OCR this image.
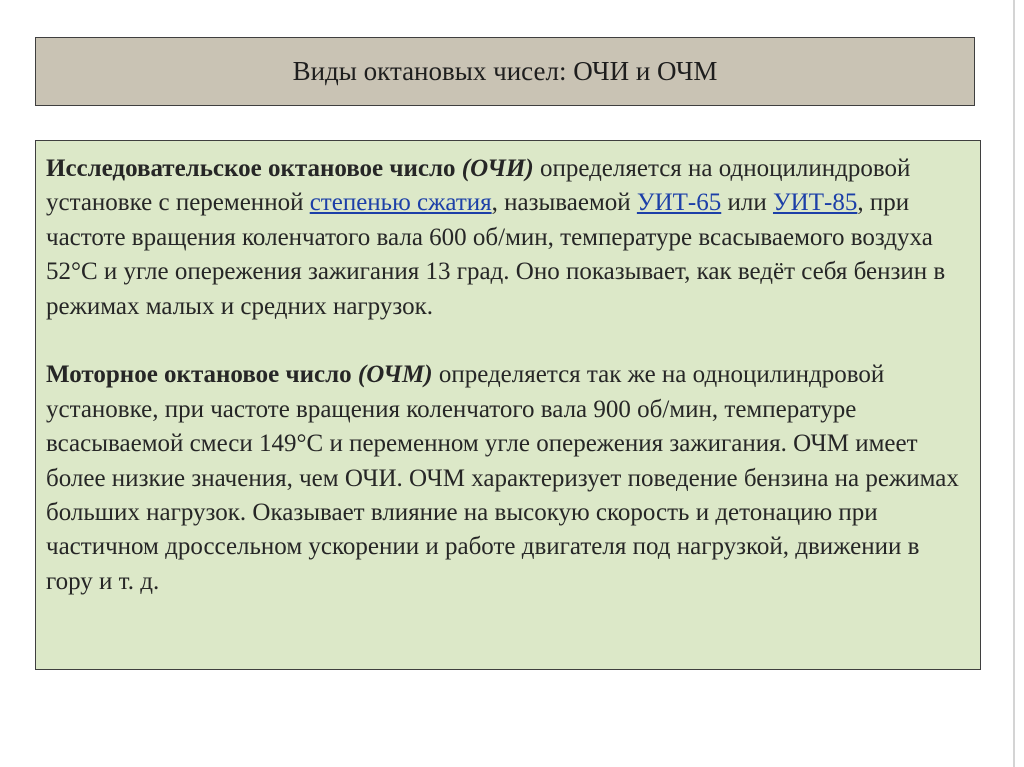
Виды октановых чисел: ОЧИ и ОЧМ

Исследовательское октановое число (ОЧИ) определяется на одноцилиндровой установке с переменной степенью сжатия, называемой УИТ-65 или УИТ-85, при частоте вращения коленчатого вала 600 об/мин, температуре всасываемого воздуха 52°С и угле опережения зажигания 13 град. Оно показывает, как ведёт себя бензин в режимах малых и средних нагрузок.

Моторное октановое число (ОЧМ) определяется так же на одноцилиндровой установке, при частоте вращения коленчатого вала 900 об/мин, температуре всасываемой смеси 149°C и переменном угле опережения зажигания. ОЧМ имеет более низкие значения, чем ОЧИ. ОЧМ характеризует поведение бензина на режимах больших нагрузок. Оказывает влияние на высокую скорость и детонацию при частичном дроссельном ускорении и работе двигателя под нагрузкой, движении в гору и т. д.
